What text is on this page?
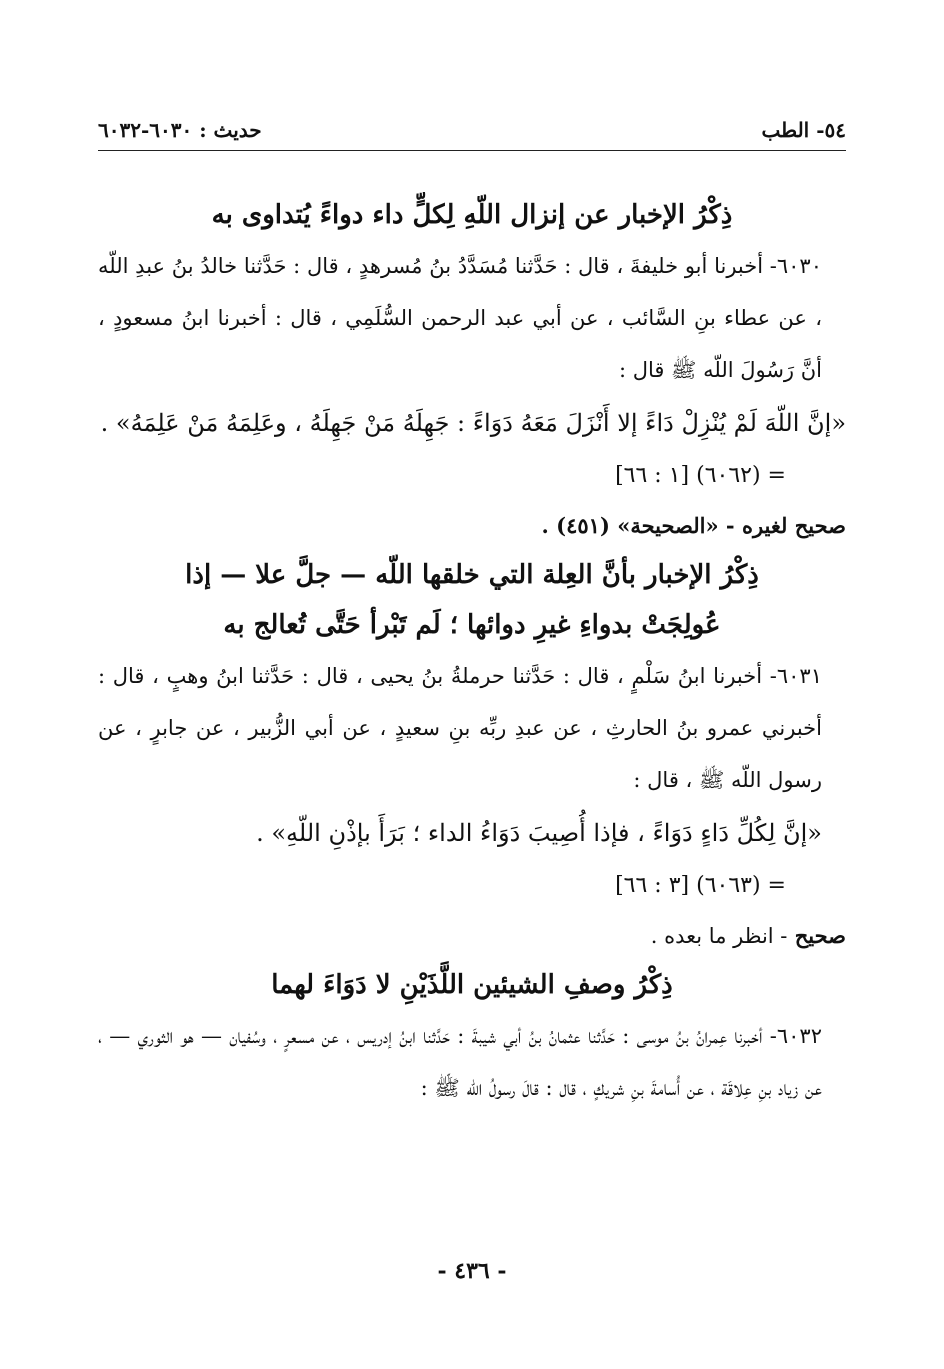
٥٤- الطب
حديث : ٦٠٣٠-٦٠٣٢
ذِكْرُ الإخبار عن إنزال اللّهِ لِكلٍّ داء دواءً يُتداوى به
٦٠٣٠- أخبرنا أبو خليفةَ ، قال : حَدَّثنا مُسَدَّدُ بنُ مُسرهدٍ ، قال : حَدَّثنا خالدُ بنُ عبدِ اللّه ، عن عطاء بنِ السَّائب ، عن أبي عبد الرحمن السُّلَمِي ، قال : أخبرنا ابنُ مسعودٍ ، أنَّ رَسُولَ اللّه ﷺ قال :
«إنَّ اللّهَ لَمْ يُنْزِلْ دَاءً إلا أَنْزَلَ مَعَهُ دَوَاءً : جَهِلَهُ مَنْ جَهِلَهُ ، وعَلِمَهُ مَنْ عَلِمَهُ» .
= (٦٠٦٢) [١ : ٦٦]
صحيح لغيره - «الصحيحة» (٤٥١) .
ذِكْرُ الإخبار بأنَّ العِلة التي خلقها اللّه — جلَّ علا — إذا
عُولِجَتْ بدواءِ غيرِ دوائها ؛ لَم تَبْرأ حَتَّى تُعالج به
٦٠٣١- أخبرنا ابنُ سَلْمٍ ، قال : حَدَّثنا حرملةُ بنُ يحيى ، قال : حَدَّثنا ابنُ وهبٍ ، قال : أخبرني عمرو بنُ الحارثِ ، عن عبدِ ربِّه بنِ سعيدٍ ، عن أبي الزُّبير ، عن جابرٍ ، عن رسول اللّه ﷺ ، قال :
«إنَّ لِكُلِّ دَاءٍ دَوَاءً ، فإذا أُصِيبَ دَوَاءُ الداء ؛ بَرَأَ بإذْنِ اللّهِ» .
= (٦٠٦٣) [٣ : ٦٦]
صحيح - انظر ما بعده .
ذِكْرُ وصفِ الشيئين اللَّذَيْنِ لا دَوَاءَ لهما
٦٠٣٢- أخبرنا عِمرانُ بنُ موسى : حَدَّثنا عثمانُ بنُ أبي شيبةَ : حَدَّثنا ابنُ إدريس ، عن مسعرٍ ، وسُفيان — هو الثوري — ، عن زياد بنِ عِلاقَة ، عن أُسامةَ بنِ شريكٍ ، قال : قالَ رسولُ اللّه ﷺ :
- ٤٣٦ -
